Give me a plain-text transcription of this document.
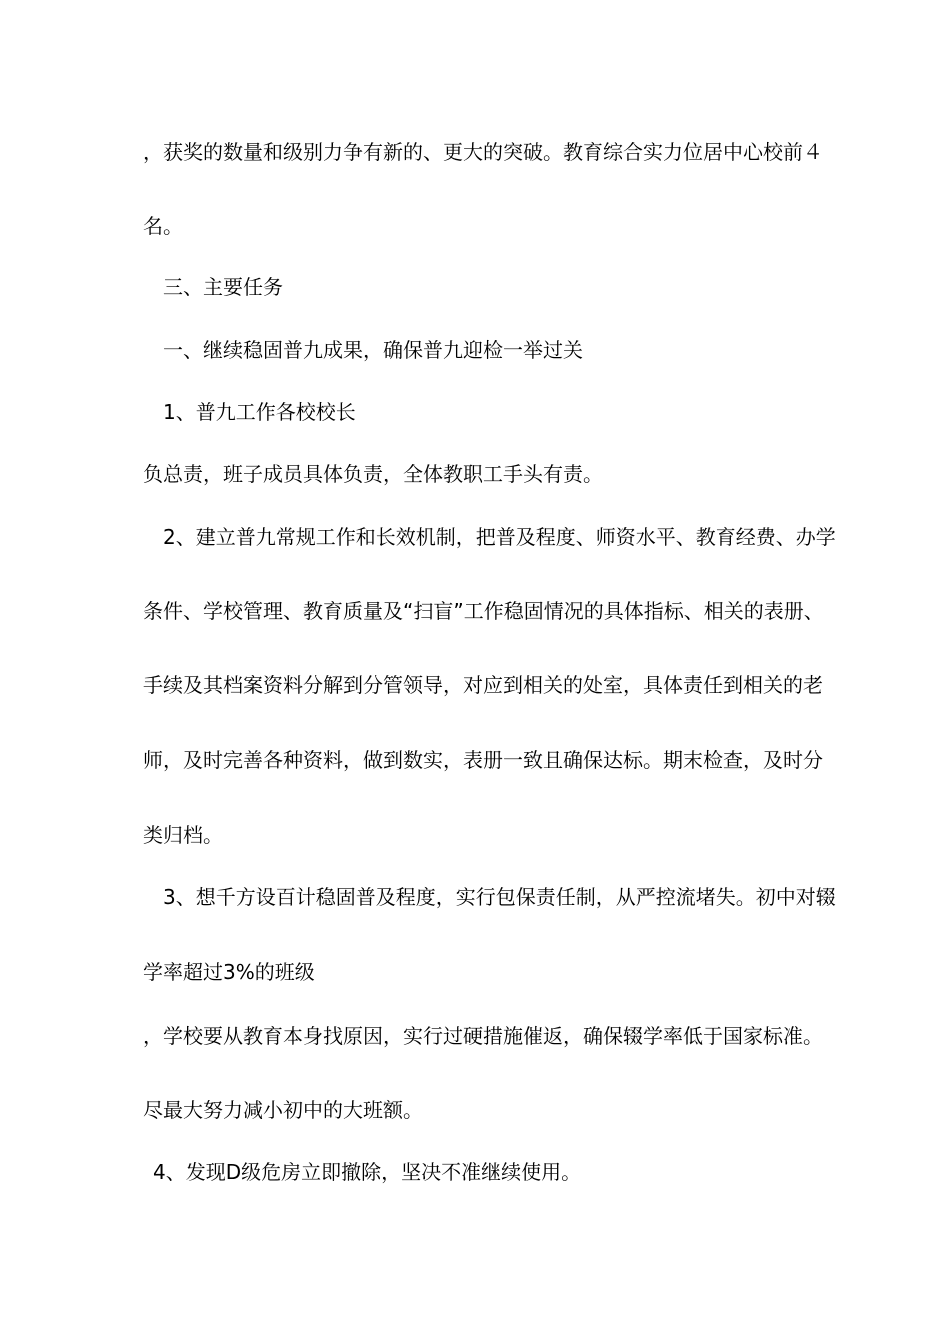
，获奖的数量和级别力争有新的、更大的突破。教育综合实力位居中心校前４
名。
三、主要任务
一、继续稳固普九成果，确保普九迎检一举过关
1、普九工作各校校长
负总责，班子成员具体负责，全体教职工手头有责。
2、建立普九常规工作和长效机制，把普及程度、师资水平、教育经费、办学
条件、学校管理、教育质量及“扫盲”工作稳固情况的具体指标、相关的表册、
手续及其档案资料分解到分管领导，对应到相关的处室，具体责任到相关的老
师，及时完善各种资料，做到数实，表册一致且确保达标。期末检查，及时分
类归档。
3、想千方设百计稳固普及程度，实行包保责任制，从严控流堵失。初中对辍
学率超过3%的班级
，学校要从教育本身找原因，实行过硬措施催返，确保辍学率低于国家标准。
尽最大努力减小初中的大班额。
4、发现D级危房立即撤除，坚决不准继续使用。
